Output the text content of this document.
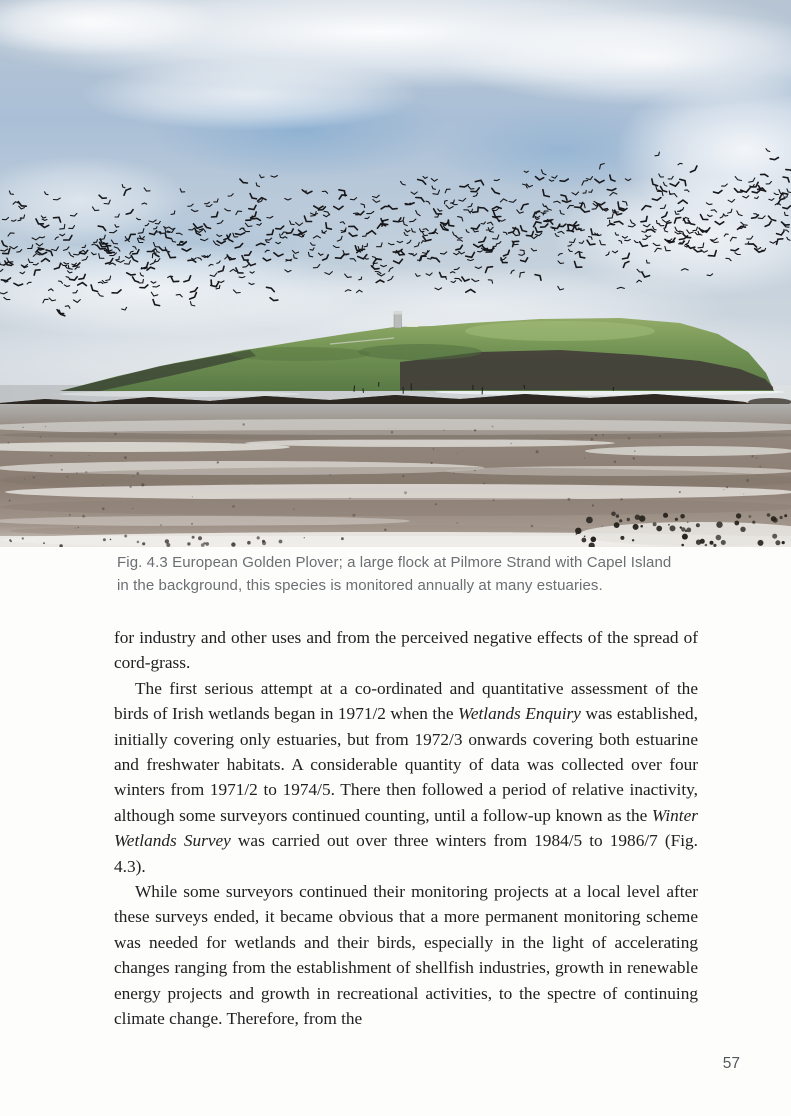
Fig. 4.3 European Golden Plover; a large flock at Pilmore Strand with Capel Island
in the background, this species is monitored annually at many estuaries.

for industry and other uses and from the perceived negative effects of the spread of cord-grass.

The first serious attempt at a co-ordinated and quantitative assessment of the birds of Irish wetlands began in 1971/2 when the Wetlands Enquiry was established, initially covering only estuaries, but from 1972/3 onwards covering both estuarine and freshwater habitats. A considerable quantity of data was collected over four winters from 1971/2 to 1974/5. There then followed a period of relative inactivity, although some surveyors continued counting, until a follow-up known as the Winter Wetlands Survey was carried out over three winters from 1984/5 to 1986/7 (Fig. 4.3).

While some surveyors continued their monitoring projects at a local level after these surveys ended, it became obvious that a more permanent monitoring scheme was needed for wetlands and their birds, especially in the light of accelerating changes ranging from the establishment of shellfish industries, growth in renewable energy projects and growth in recreational activities, to the spectre of continuing climate change. Therefore, from the

57
